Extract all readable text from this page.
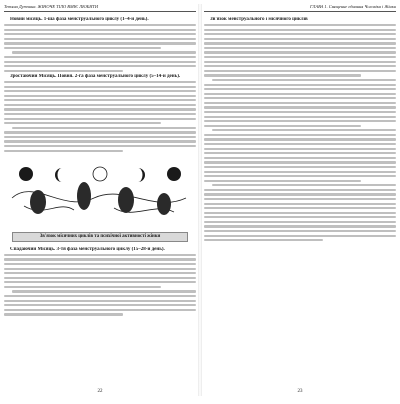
Тетяна Дутчина. ЖІНОЧЕ ТІЛО ВМІЄ ЛЮБИТИ
Новий місяць. 1-ша фаза менструального циклу (1–4-й день).
Зростаючий Місяць. Повня. 2-га фаза менструального циклу (5–14-й день).
Зв'язок місячних циклів та психічної активності жінки
Спадаючий Місяць. 3-тя фаза менструального циклу (15–28-й день).
22
ГЛАВА 1. Священне єднання Чоловіка і Жінки
Зв'язок менструального і місячного циклів
23
